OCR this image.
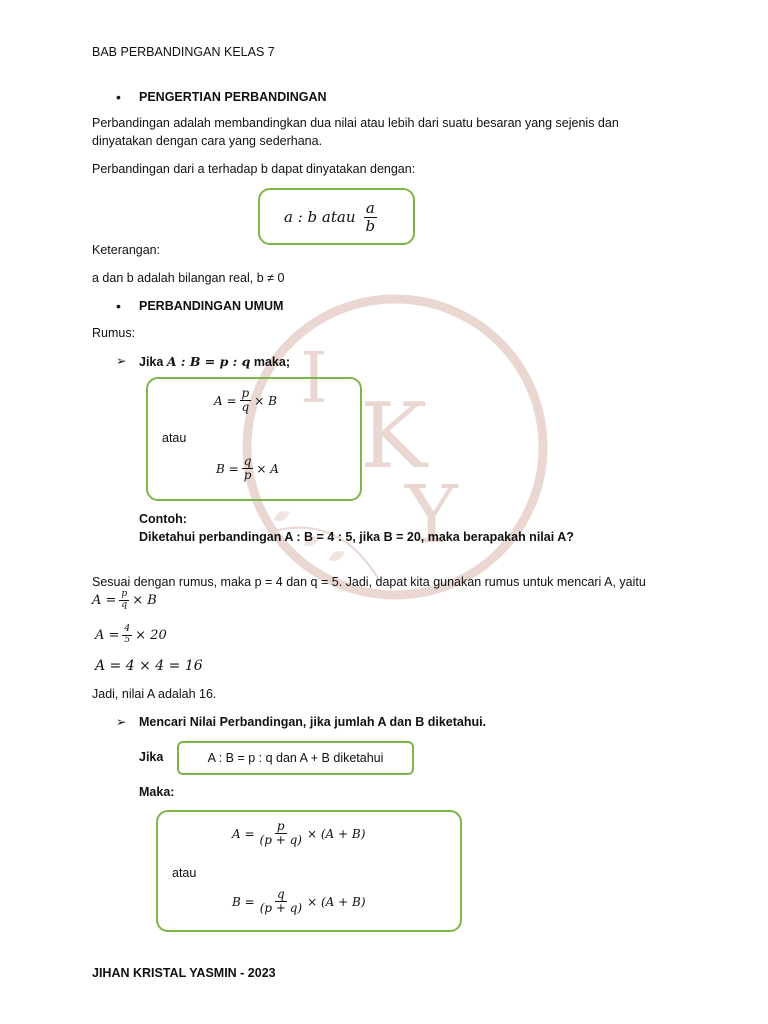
I
K
Y
BAB PERBANDINGAN KELAS 7
• PENGERTIAN PERBANDINGAN
Perbandingan adalah membandingkan dua nilai atau lebih dari suatu besaran yang sejenis dan
dinyatakan dengan cara yang sederhana.
Perbandingan dari a terhadap b dapat dinyatakan dengan:
a : b atau $\frac{a}{b}$
Keterangan:
a dan b adalah bilangan real, b ≠ 0
• PERBANDINGAN UMUM
Rumus:
➢ Jika A : B = p : q maka;
$A = \frac{p}{q} \times B$
atau
$B = \frac{q}{p} \times A$
Contoh:
Diketahui perbandingan A : B = 4 : 5, jika B = 20, maka berapakah nilai A?
Sesuai dengan rumus, maka p = 4 dan q = 5. Jadi, dapat kita gunakan rumus untuk mencari A, yaitu
$A = \frac{p}{q} \times B$
$A = \frac{4}{5} \times 20$
A = 4 × 4 = 16
Jadi, nilai A adalah 16.
➢ Mencari Nilai Perbandingan, jika jumlah A dan B diketahui.
Jika	A : B = p : q dan A + B diketahui
Maka:
$A = \frac{p}{(p + q)} \times (A + B)$
atau
$B = \frac{q}{(p + q)} \times (A + B)$
JIHAN KRISTAL YASMIN - 2023
